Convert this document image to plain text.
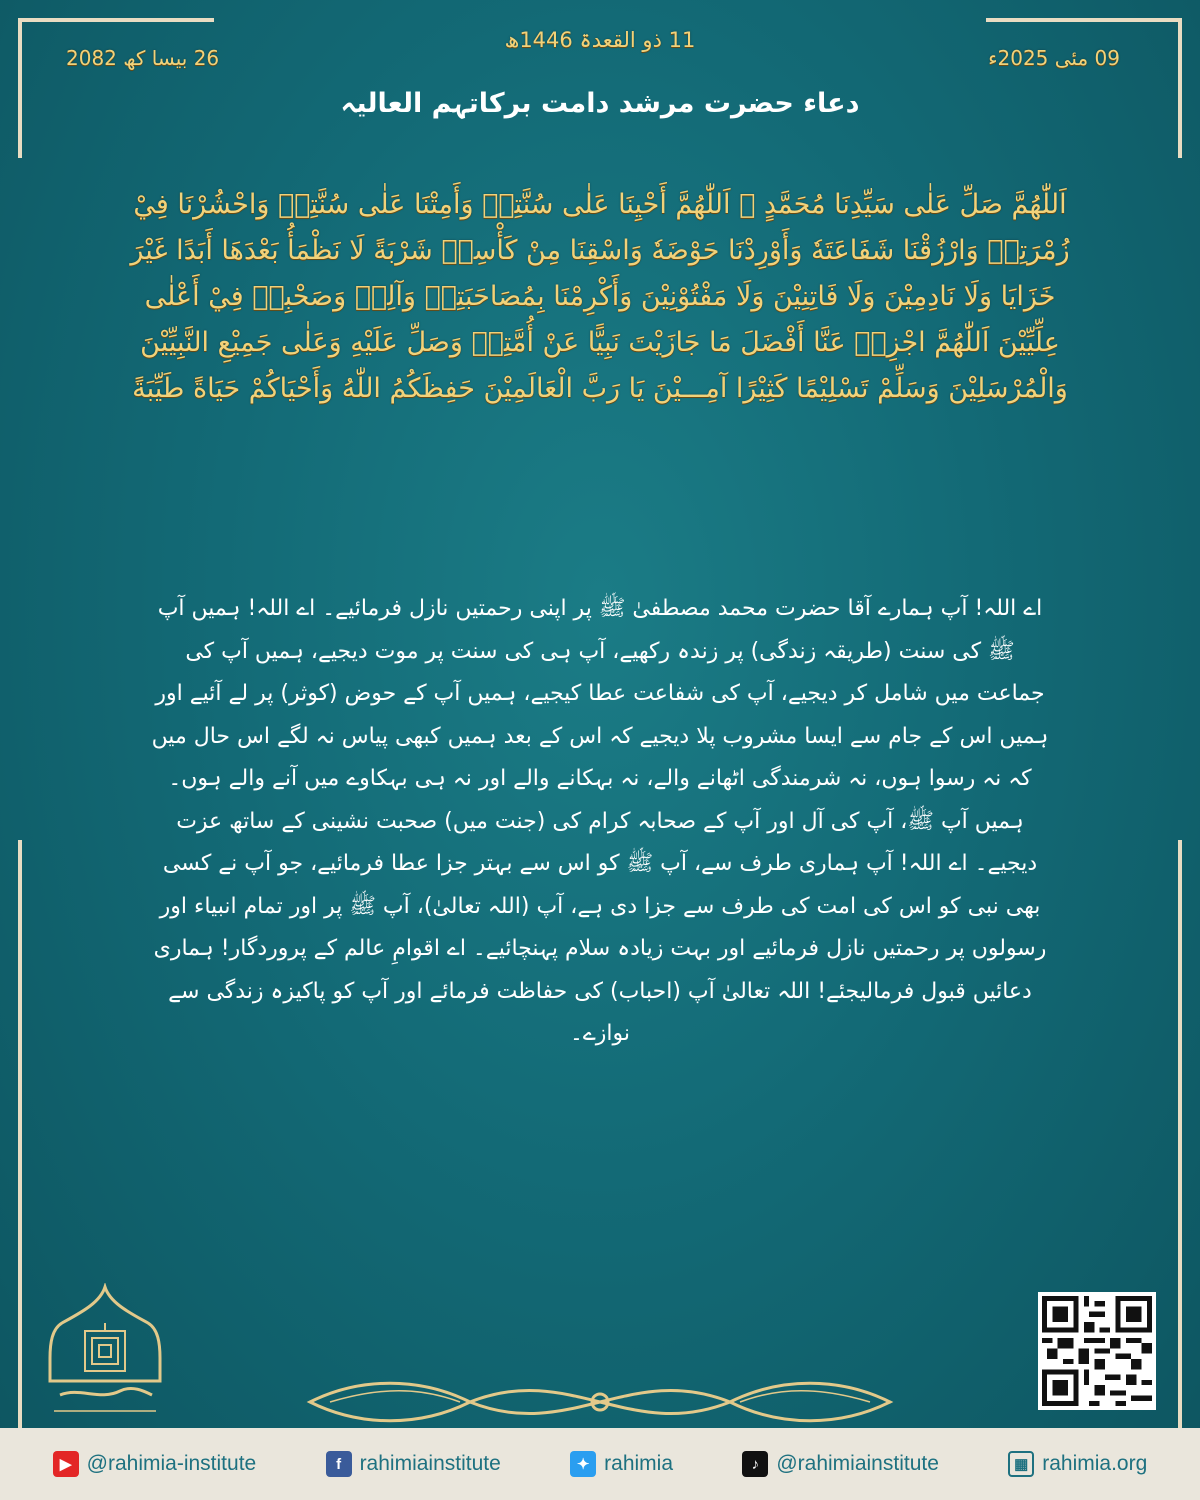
09 مئی 2025ء
11 ذو القعدۃ 1446ھ
26 بیسا کھ 2082
دعاء حضرت مرشد دامت برکاتہم العالیہ
اَللّٰهُمَّ صَلِّ عَلٰى سَيِّدِنَا مُحَمَّدٍ ﷺ اَللّٰهُمَّ أَحْيِنَا عَلٰى سُنَّتِهٖ وَأَمِتْنَا عَلٰى سُنَّتِهٖ وَاحْشُرْنَا فِيْ زُمْرَتِهٖ وَارْزُقْنَا شَفَاعَتَهٗ وَأَوْرِدْنَا حَوْضَهٗ وَاسْقِنَا مِنْ كَأْسِهٖ شَرْبَةً لَا نَظْمَأُ بَعْدَهَا أَبَدًا غَيْرَ خَزَايَا وَلَا نَادِمِيْنَ وَلَا فَاتِنِيْنَ وَلَا مَفْتُوْنِيْنَ وَأَكْرِمْنَا بِمُصَاحَبَتِهٖ وَآلِهٖ وَصَحْبِهٖ فِيْ أَعْلٰى عِلِّيِّيْنَ اَللّٰهُمَّ اجْزِهٖ عَنَّا أَفْضَلَ مَا جَازَيْتَ نَبِيًّا عَنْ أُمَّتِهٖ وَصَلِّ عَلَيْهِ وَعَلٰى جَمِيْعِ النَّبِيِّيْنَ وَالْمُرْسَلِيْنَ وَسَلِّمْ تَسْلِيْمًا كَثِيْرًا آمِـــيْنَ يَا رَبَّ الْعَالَمِيْنَ حَفِظَكُمُ اللّٰهُ وَأَحْيَاكُمْ حَيَاةً طَيِّبَةً
اے اللہ! آپ ہمارے آقا حضرت محمد مصطفیٰ ﷺ پر اپنی رحمتیں نازل فرمائیے۔ اے اللہ! ہمیں آپ ﷺ کی سنت (طریقہ زندگی) پر زندہ رکھیے، آپ ہی کی سنت پر موت دیجیے، ہمیں آپ کی جماعت میں شامل کر دیجیے، آپ کی شفاعت عطا کیجیے، ہمیں آپ کے حوض (کوثر) پر لے آئیے اور ہمیں اس کے جام سے ایسا مشروب پلا دیجیے کہ اس کے بعد ہمیں کبھی پیاس نہ لگے اس حال میں کہ نہ رسوا ہوں، نہ شرمندگی اٹھانے والے، نہ بہکانے والے اور نہ ہی بہکاوے میں آنے والے ہوں۔ ہمیں آپ ﷺ، آپ کی آل اور آپ کے صحابہ کرام کی (جنت میں) صحبت نشینی کے ساتھ عزت دیجیے۔ اے اللہ! آپ ہماری طرف سے، آپ ﷺ کو اس سے بہتر جزا عطا فرمائیے، جو آپ نے کسی بھی نبی کو اس کی امت کی طرف سے جزا دی ہے، آپ (اللہ تعالیٰ)، آپ ﷺ پر اور تمام انبیاء اور رسولوں پر رحمتیں نازل فرمائیے اور بہت زیادہ سلام پہنچائیے۔ اے اقوامِ عالم کے پروردگار! ہماری دعائیں قبول فرمالیجئے! اللہ تعالیٰ آپ (احباب) کی حفاظت فرمائے اور آپ کو پاکیزہ زندگی سے نوازے۔
▶ @rahimia-institute	f rahimiainstitute	✦ rahimia	♪ @rahimiainstitute	▦ rahimia.org
